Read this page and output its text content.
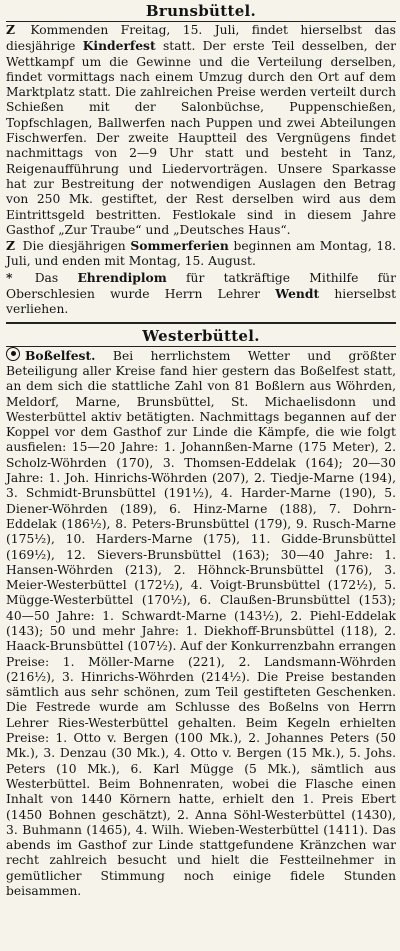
Brunsbüttel.

Z Kommenden Freitag, 15. Juli, findet hierselbst das diesjährige Kinderfest statt. Der erste Teil desselben, der Wettkampf um die Gewinne und die Verteilung derselben, findet vormittags nach einem Umzug durch den Ort auf dem Marktplatz statt. Die zahlreichen Preise werden verteilt durch Schießen mit der Salonbüchse, Puppenschießen, Topfschlagen, Ballwerfen nach Puppen und zwei Abteilungen Fischwerfen. Der zweite Hauptteil des Vergnügens findet nachmittags von 2—9 Uhr statt und besteht in Tanz, Reigenaufführung und Liedervorträgen. Unsere Sparkasse hat zur Bestreitung der notwendigen Auslagen den Betrag von 250 Mk. gestiftet, der Rest derselben wird aus dem Eintrittsgeld bestritten. Festlokale sind in diesem Jahre Gasthof „Zur Traube“ und „Deutsches Haus“.

Z Die diesjährigen Sommerferien beginnen am Montag, 18. Juli, und enden mit Montag, 15. August.

* Das Ehrendiplom für tatkräftige Mithilfe für Oberschlesien wurde Herrn Lehrer Wendt hierselbst verliehen.

Westerbüttel.

Boßelfest. Bei herrlichstem Wetter und größter Beteiligung aller Kreise fand hier gestern das Boßelfest statt, an dem sich die stattliche Zahl von 81 Boßlern aus Wöhrden, Meldorf, Marne, Brunsbüttel, St. Michaelisdonn und Westerbüttel aktiv betätigten. Nachmittags begannen auf der Koppel vor dem Gasthof zur Linde die Kämpfe, die wie folgt ausfielen: 15—20 Jahre: 1. Johannßen-Marne (175 Meter), 2. Scholz-Wöhrden (170), 3. Thomsen-Eddelak (164); 20—30 Jahre: 1. Joh. Hinrichs-Wöhrden (207), 2. Tiedje-Marne (194), 3. Schmidt-Brunsbüttel (191½), 4. Harder-Marne (190), 5. Diener-Wöhrden (189), 6. Hinz-Marne (188), 7. Dohrn-Eddelak (186½), 8. Peters-Brunsbüttel (179), 9. Rusch-Marne (175½), 10. Harders-Marne (175), 11. Gidde-Brunsbüttel (169½), 12. Sievers-Brunsbüttel (163); 30—40 Jahre: 1. Hansen-Wöhrden (213), 2. Höhnck-Brunsbüttel (176), 3. Meier-Westerbüttel (172½), 4. Voigt-Brunsbüttel (172½), 5. Mügge-Westerbüttel (170½), 6. Claußen-Brunsbüttel (153); 40—50 Jahre: 1. Schwardt-Marne (143½), 2. Piehl-Eddelak (143); 50 und mehr Jahre: 1. Diekhoff-Brunsbüttel (118), 2. Haack-Brunsbüttel (107½). Auf der Konkurrenzbahn errangen Preise: 1. Möller-Marne (221), 2. Landsmann-Wöhrden (216½), 3. Hinrichs-Wöhrden (214½). Die Preise bestanden sämtlich aus sehr schönen, zum Teil gestifteten Geschenken. Die Festrede wurde am Schlusse des Boßelns von Herrn Lehrer Ries-Westerbüttel gehalten. Beim Kegeln erhielten Preise: 1. Otto v. Bergen (100 Mk.), 2. Johannes Peters (50 Mk.), 3. Denzau (30 Mk.), 4. Otto v. Bergen (15 Mk.), 5. Johs. Peters (10 Mk.), 6. Karl Mügge (5 Mk.), sämtlich aus Westerbüttel. Beim Bohnenraten, wobei die Flasche einen Inhalt von 1440 Körnern hatte, erhielt den 1. Preis Ebert (1450 Bohnen geschätzt), 2. Anna Söhl-Westerbüttel (1430), 3. Buhmann (1465), 4. Wilh. Wieben-Westerbüttel (1411). Das abends im Gasthof zur Linde stattgefundene Kränzchen war recht zahlreich besucht und hielt die Festteilnehmer in gemütlicher Stimmung noch einige fidele Stunden beisammen.
